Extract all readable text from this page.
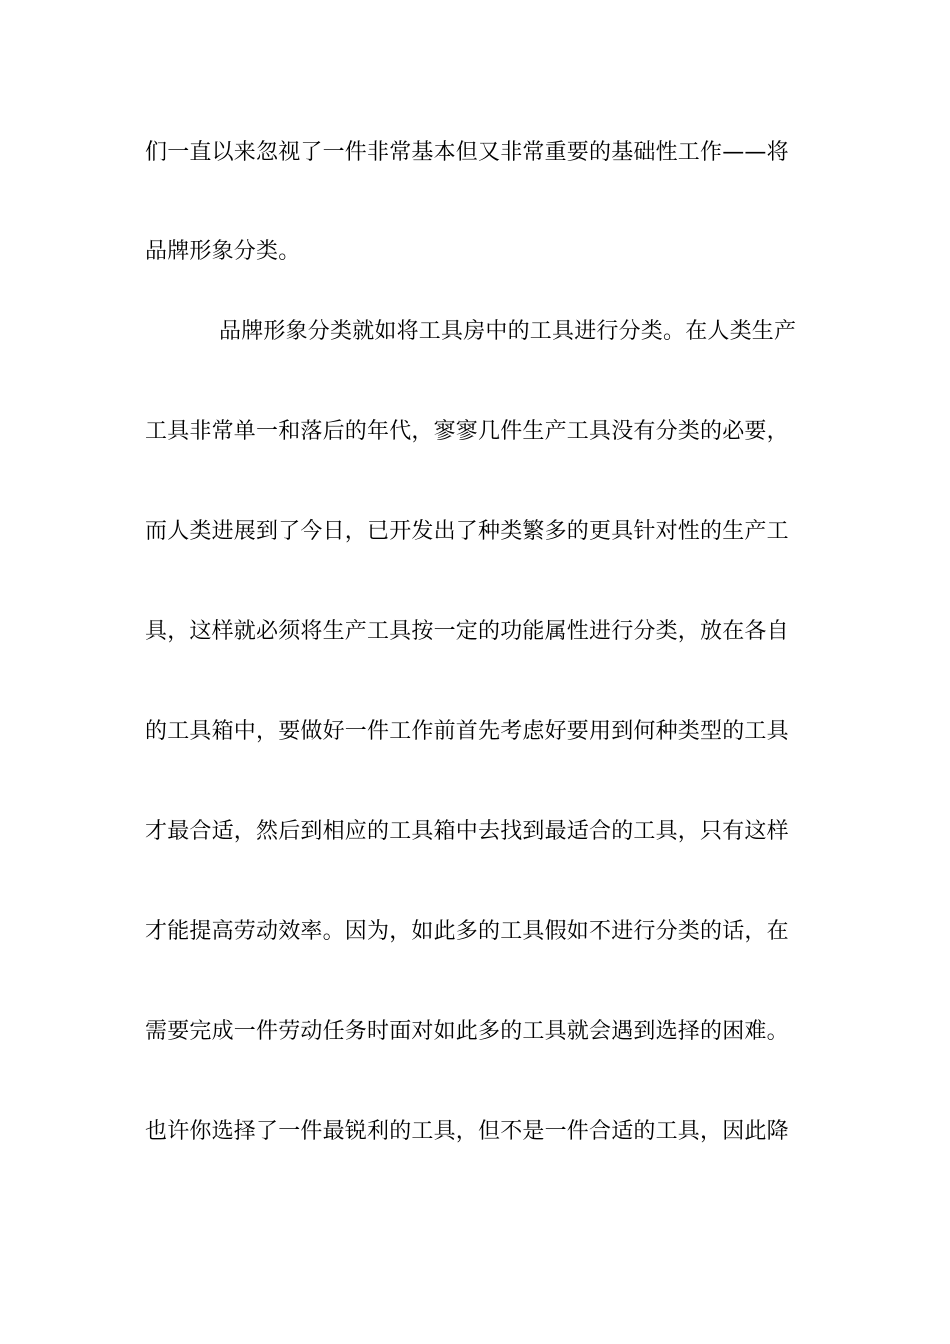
们一直以来忽视了一件非常基本但又非常重要的基础性工作——将
品牌形象分类。
品牌形象分类就如将工具房中的工具进行分类。在人类生产
工具非常单一和落后的年代，寥寥几件生产工具没有分类的必要，
而人类进展到了今日，已开发出了种类繁多的更具针对性的生产工
具，这样就必须将生产工具按一定的功能属性进行分类，放在各自
的工具箱中，要做好一件工作前首先考虑好要用到何种类型的工具
才最合适，然后到相应的工具箱中去找到最适合的工具，只有这样
才能提高劳动效率。因为，如此多的工具假如不进行分类的话，在
需要完成一件劳动任务时面对如此多的工具就会遇到选择的困难。
也许你选择了一件最锐利的工具，但不是一件合适的工具，因此降
